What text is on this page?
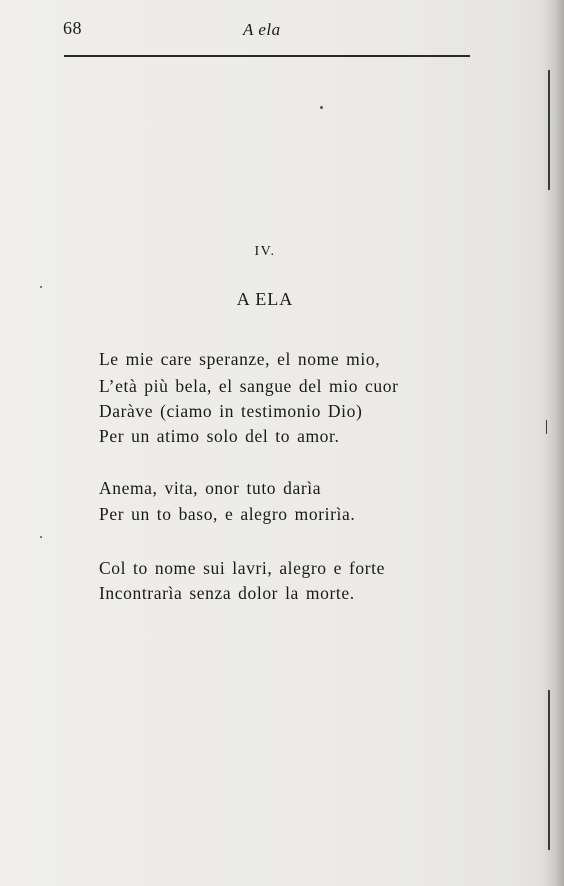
68	A ela
IV.
A ELA
Le mie care speranze, el nome mio,
L’età più bela, el sangue del mio cuor
Daràve (ciamo in testimonio Dio)
Per un atimo solo del to amor.
Anema, vita, onor tuto darìa
Per un to baso, e alegro morirìa.
Col to nome sui lavri, alegro e forte
Incontrarìa senza dolor la morte.
